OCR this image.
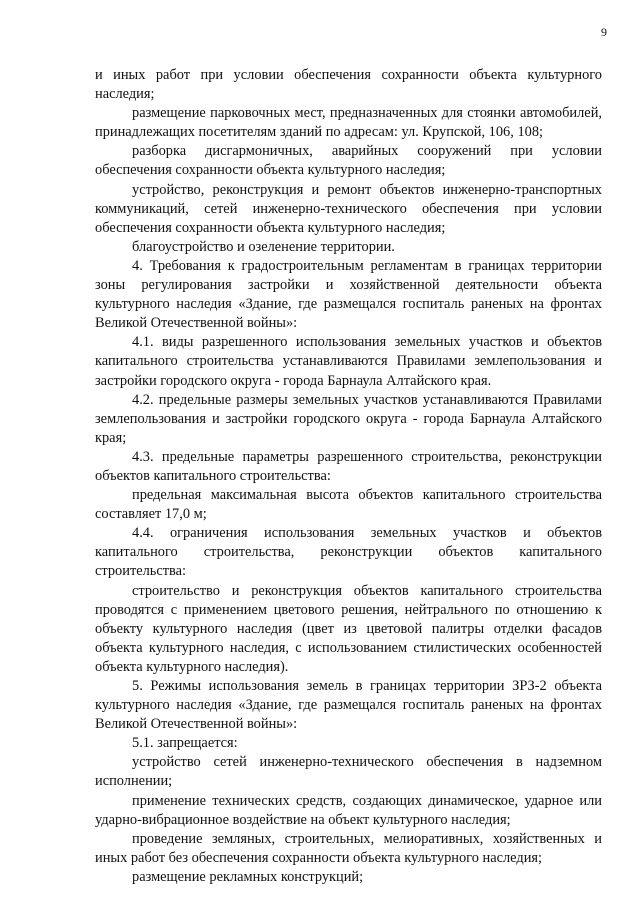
9

и иных работ при условии обеспечения сохранности объекта культурного наследия;

размещение парковочных мест, предназначенных для стоянки автомобилей, принадлежащих посетителям зданий по адресам: ул. Крупской, 106, 108;

разборка дисгармоничных, аварийных сооружений при условии обеспечения сохранности объекта культурного наследия;

устройство, реконструкция и ремонт объектов инженерно-транспортных коммуникаций, сетей инженерно-технического обеспечения при условии обеспечения сохранности объекта культурного наследия;

благоустройство и озеленение территории.

4. Требования к градостроительным регламентам в границах территории зоны регулирования застройки и хозяйственной деятельности объекта культурного наследия «Здание, где размещался госпиталь раненых на фронтах Великой Отечественной войны»:

4.1. виды разрешенного использования земельных участков и объектов капитального строительства устанавливаются Правилами землепользования и застройки городского округа - города Барнаула Алтайского края.

4.2. предельные размеры земельных участков устанавливаются Правилами землепользования и застройки городского округа - города Барнаула Алтайского края;

4.3. предельные параметры разрешенного строительства, реконструкции объектов капитального строительства:

предельная максимальная высота объектов капитального строительства составляет 17,0 м;

4.4. ограничения использования земельных участков и объектов капитального строительства, реконструкции объектов капитального строительства:

строительство и реконструкция объектов капитального строительства проводятся с применением цветового решения, нейтрального по отношению к объекту культурного наследия (цвет из цветовой палитры отделки фасадов объекта культурного наследия, с использованием стилистических особенностей объекта культурного наследия).

5. Режимы использования земель в границах территории ЗРЗ-2 объекта культурного наследия «Здание, где размещался госпиталь раненых на фронтах Великой Отечественной войны»:

5.1. запрещается:

устройство сетей инженерно-технического обеспечения в надземном исполнении;

применение технических средств, создающих динамическое, ударное или ударно-вибрационное воздействие на объект культурного наследия;

проведение земляных, строительных, мелиоративных, хозяйственных и иных работ без обеспечения сохранности объекта культурного наследия;

размещение рекламных конструкций;
